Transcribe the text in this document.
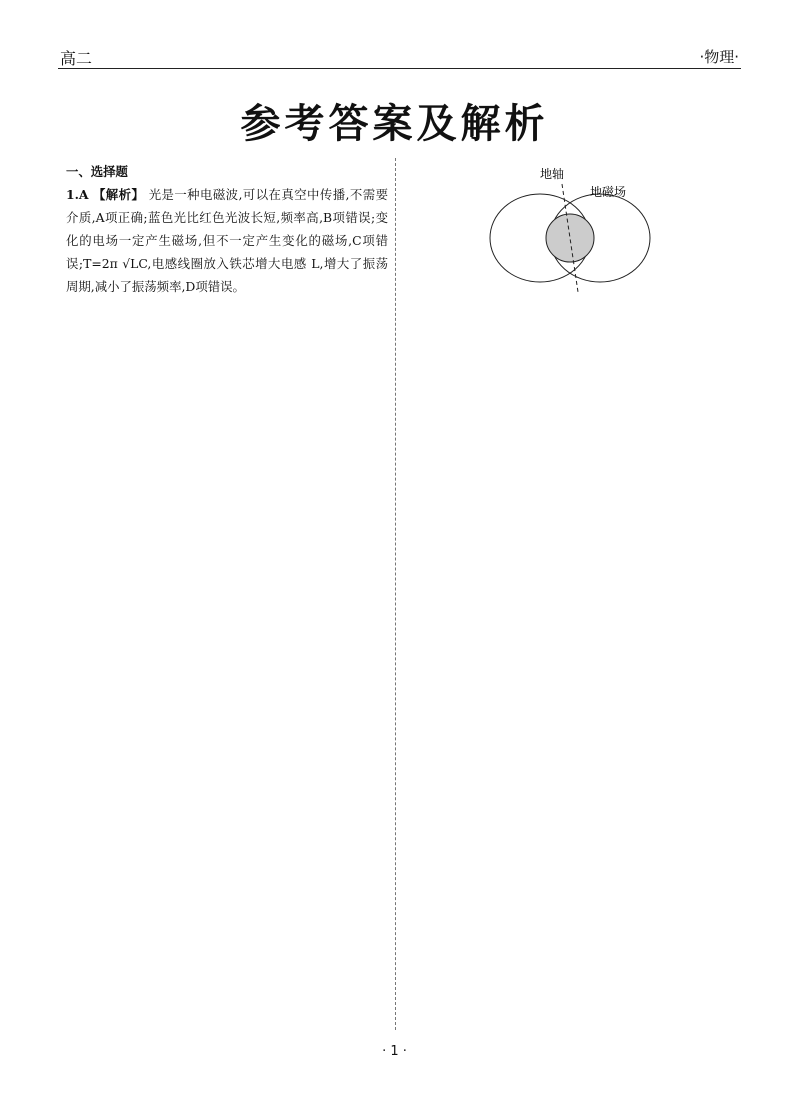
高二	·物理·
参考答案及解析
一、选择题
1.A 【解析】 光是一种电磁波,可以在真空中传播,不需要介质,A项正确;蓝色光比红色光波长短,频率高,B项错误;变化的电场一定产生磁场,但不一定产生变化的磁场,C项错误;T=2π √LC,电感线圈放入铁芯增大电感 L,增大了振荡周期,减小了振荡频率,D项错误。
地轴
地磁场
· 1 ·
